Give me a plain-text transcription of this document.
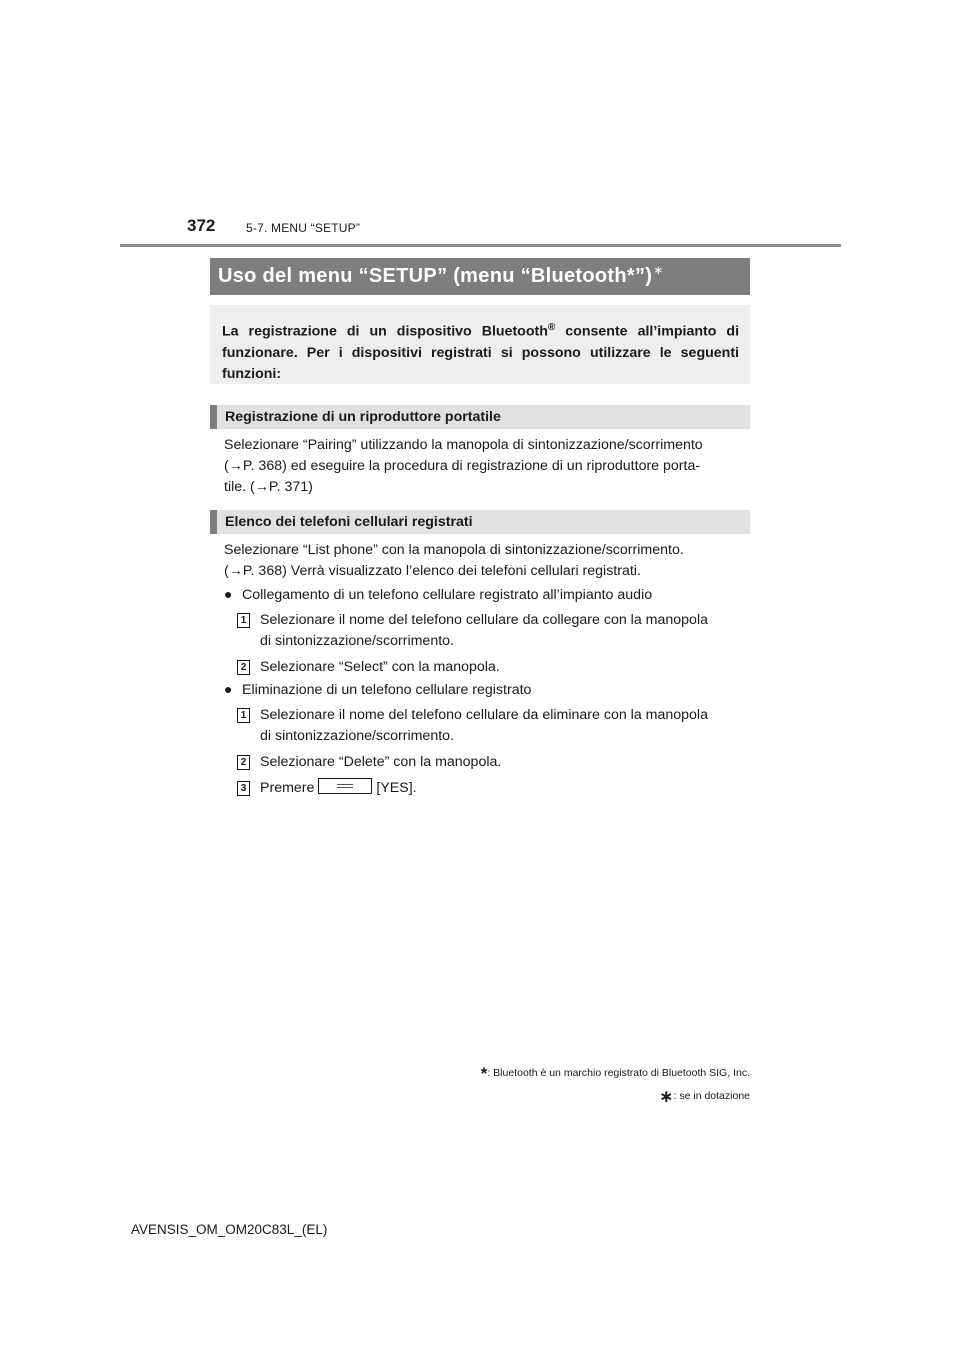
372	5-7. MENU “SETUP”
Uso del menu “SETUP” (menu “Bluetooth*”)∗
La registrazione di un dispositivo Bluetooth® consente all’impianto di funzionare. Per i dispositivi registrati si possono utilizzare le seguenti funzioni:
Registrazione di un riproduttore portatile
Selezionare “Pairing” utilizzando la manopola di sintonizzazione/scorrimento
(→P. 368) ed eseguire la procedura di registrazione di un riproduttore porta-
tile. (→P. 371)
Elenco dei telefoni cellulari registrati
Selezionare “List phone” con la manopola di sintonizzazione/scorrimento.
(→P. 368) Verrà visualizzato l’elenco dei telefoni cellulari registrati.
● Collegamento di un telefono cellulare registrato all’impianto audio
1 Selezionare il nome del telefono cellulare da collegare con la manopola
di sintonizzazione/scorrimento.
2 Selezionare “Select” con la manopola.
● Eliminazione di un telefono cellulare registrato
1 Selezionare il nome del telefono cellulare da eliminare con la manopola
di sintonizzazione/scorrimento.
2 Selezionare “Delete” con la manopola.
3 Premere	[YES].
*: Bluetooth è un marchio registrato di Bluetooth SIG, Inc.
∗: se in dotazione
AVENSIS_OM_OM20C83L_(EL)
